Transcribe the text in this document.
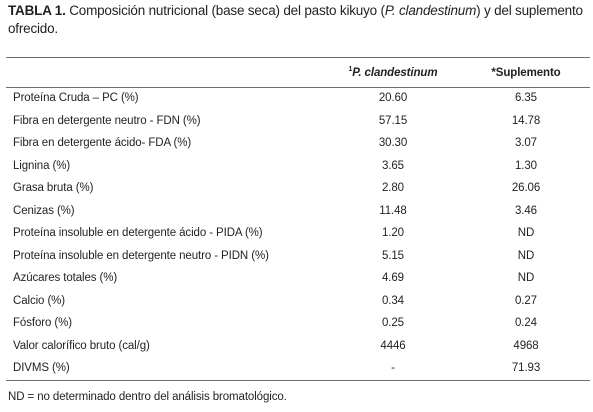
TABLA 1. Composición nutricional (base seca) del pasto kikuyo (P. clandestinum) y del suplemento ofrecido.
	$^1$P. clandestinum	*Suplemento
Proteína Cruda – PC (%)	20.60	6.35
Fibra en detergente neutro - FDN (%)	57.15	14.78
Fibra en detergente ácido- FDA (%)	30.30	3.07
Lignina (%)	3.65	1.30
Grasa bruta (%)	2.80	26.06
Cenizas (%)	11.48	3.46
Proteína insoluble en detergente ácido - PIDA (%)	1.20	ND
Proteína insoluble en detergente neutro - PIDN (%)	5.15	ND
Azúcares totales (%)	4.69	ND
Calcio (%)	0.34	0.27
Fósforo (%)	0.25	0.24
Valor calorífico bruto (cal/g)	4446	4968
DIVMS (%)	-	71.93
ND = no determinado dentro del análisis bromatológico.
